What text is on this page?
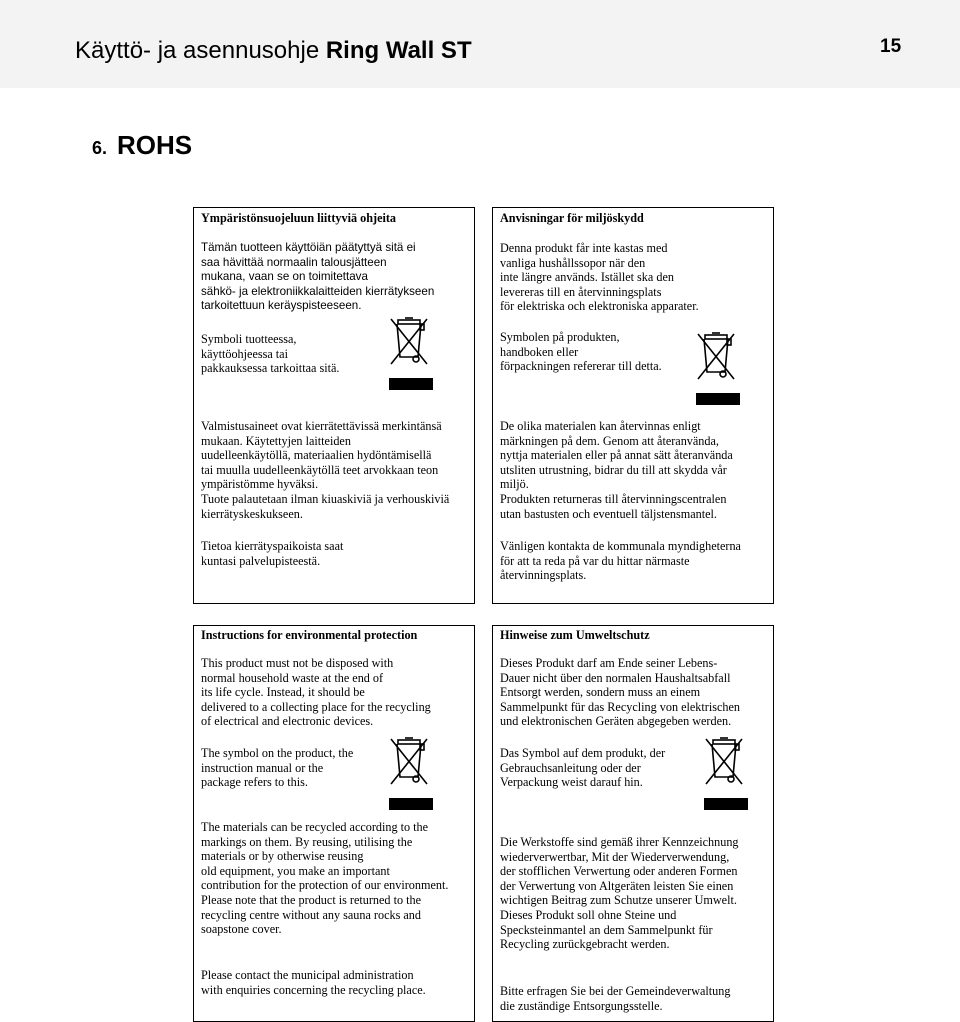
Käyttö- ja asennusohje Ring Wall ST	15
6. ROHS
Ympäristönsuojeluun liittyviä ohjeita
Tämän tuotteen käyttöiän päätyttyä sitä ei
saa hävittää normaalin talousjätteen
mukana, vaan se on toimitettava
sähkö- ja elektroniikkalaitteiden kierrätykseen
tarkoitettuun keräyspisteeseen.
Symboli tuotteessa,
käyttöohjeessa tai
pakkauksessa tarkoittaa sitä.
Valmistusaineet ovat kierrätettävissä merkintänsä
mukaan. Käytettyjen laitteiden
uudelleenkäytöllä, materiaalien hydöntämisellä
tai muulla uudelleenkäytöllä teet arvokkaan teon
ympäristömme hyväksi.
Tuote palautetaan ilman kiuaskiviä ja verhouskiviä
kierrätyskeskukseen.
Tietoa kierrätyspaikoista saat
kuntasi palvelupisteestä.
Anvisningar för miljöskydd
Denna produkt får inte kastas med
vanliga hushållssopor när den
inte längre används. Istället ska den
levereras till en återvinningsplats
för elektriska och elektroniska apparater.
Symbolen på produkten,
handboken eller
förpackningen refererar till detta.
De olika materialen kan återvinnas enligt
märkningen på dem. Genom att återanvända,
nyttja materialen eller på annat sätt återanvända
utsliten utrustning, bidrar du till att skydda vår
miljö.
Produkten returneras till återvinningscentralen
utan bastusten och eventuell täljstensmantel.
Vänligen kontakta de kommunala myndigheterna
för att ta reda på var du hittar närmaste
återvinningsplats.
Instructions for environmental protection
This product must not be disposed with
normal household waste at the end of
its life cycle. Instead, it should be
delivered to a collecting place for the recycling
of electrical and electronic devices.
The symbol on the product, the
instruction manual or the
package refers to this.
The materials can be recycled according to the
markings on them. By reusing, utilising the
materials or by otherwise reusing
old equipment, you make an important
contribution for the protection of our environment.
Please note that the product is returned to the
recycling centre without any sauna rocks and
soapstone cover.
Please contact the municipal administration
with enquiries concerning the recycling place.
Hinweise zum Umweltschutz
Dieses Produkt darf am Ende seiner Lebens-
Dauer nicht über den normalen Haushaltsabfall
Entsorgt werden, sondern muss an einem
Sammelpunkt für das Recycling von elektrischen
und elektronischen Geräten abgegeben werden.
Das Symbol auf dem produkt, der
Gebrauchsanleitung oder der
Verpackung weist darauf hin.
Die Werkstoffe sind gemäß ihrer Kennzeichnung
wiederverwertbar, Mit der Wiederverwendung,
der stofflichen Verwertung oder anderen Formen
der Verwertung von Altgeräten leisten Sie einen
wichtigen Beitrag zum Schutze unserer Umwelt.
Dieses Produkt soll ohne Steine und
Specksteinmantel an dem Sammelpunkt für
Recycling zurückgebracht werden.
Bitte erfragen Sie bei der Gemeindeverwaltung
die zuständige Entsorgungsstelle.
